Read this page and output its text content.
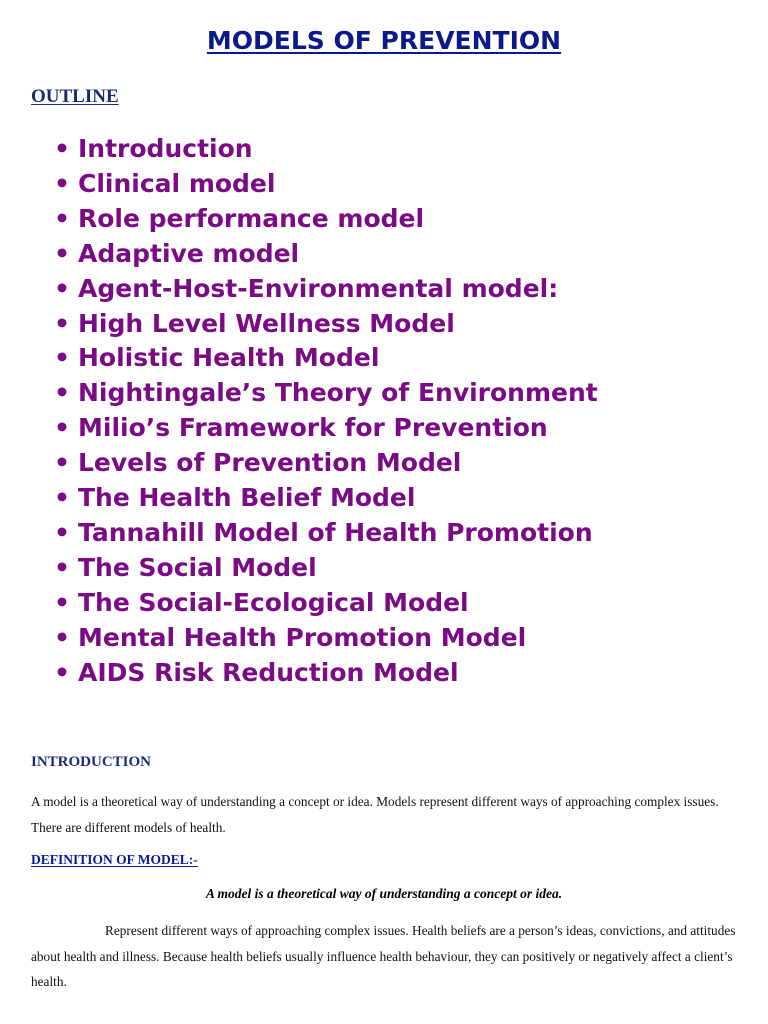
MODELS OF PREVENTION
OUTLINE
• Introduction
• Clinical model
• Role performance model
• Adaptive model
• Agent-Host-Environmental model:
• High Level Wellness Model
• Holistic Health Model
• Nightingale’s Theory of Environment
• Milio’s Framework for Prevention
• Levels of Prevention Model
• The Health Belief Model
• Tannahill Model of Health Promotion
• The Social Model
• The Social-Ecological Model
• Mental Health Promotion Model
• AIDS Risk Reduction Model
INTRODUCTION
A model is a theoretical way of understanding a concept or idea. Models represent different ways of approaching complex issues. There are different models of health.
DEFINITION OF MODEL:-
A model is a theoretical way of understanding a concept or idea.
Represent different ways of approaching complex issues. Health beliefs are a person’s ideas, convictions, and attitudes about health and illness. Because health beliefs usually influence health behaviour, they can positively or negatively affect a client’s health.
